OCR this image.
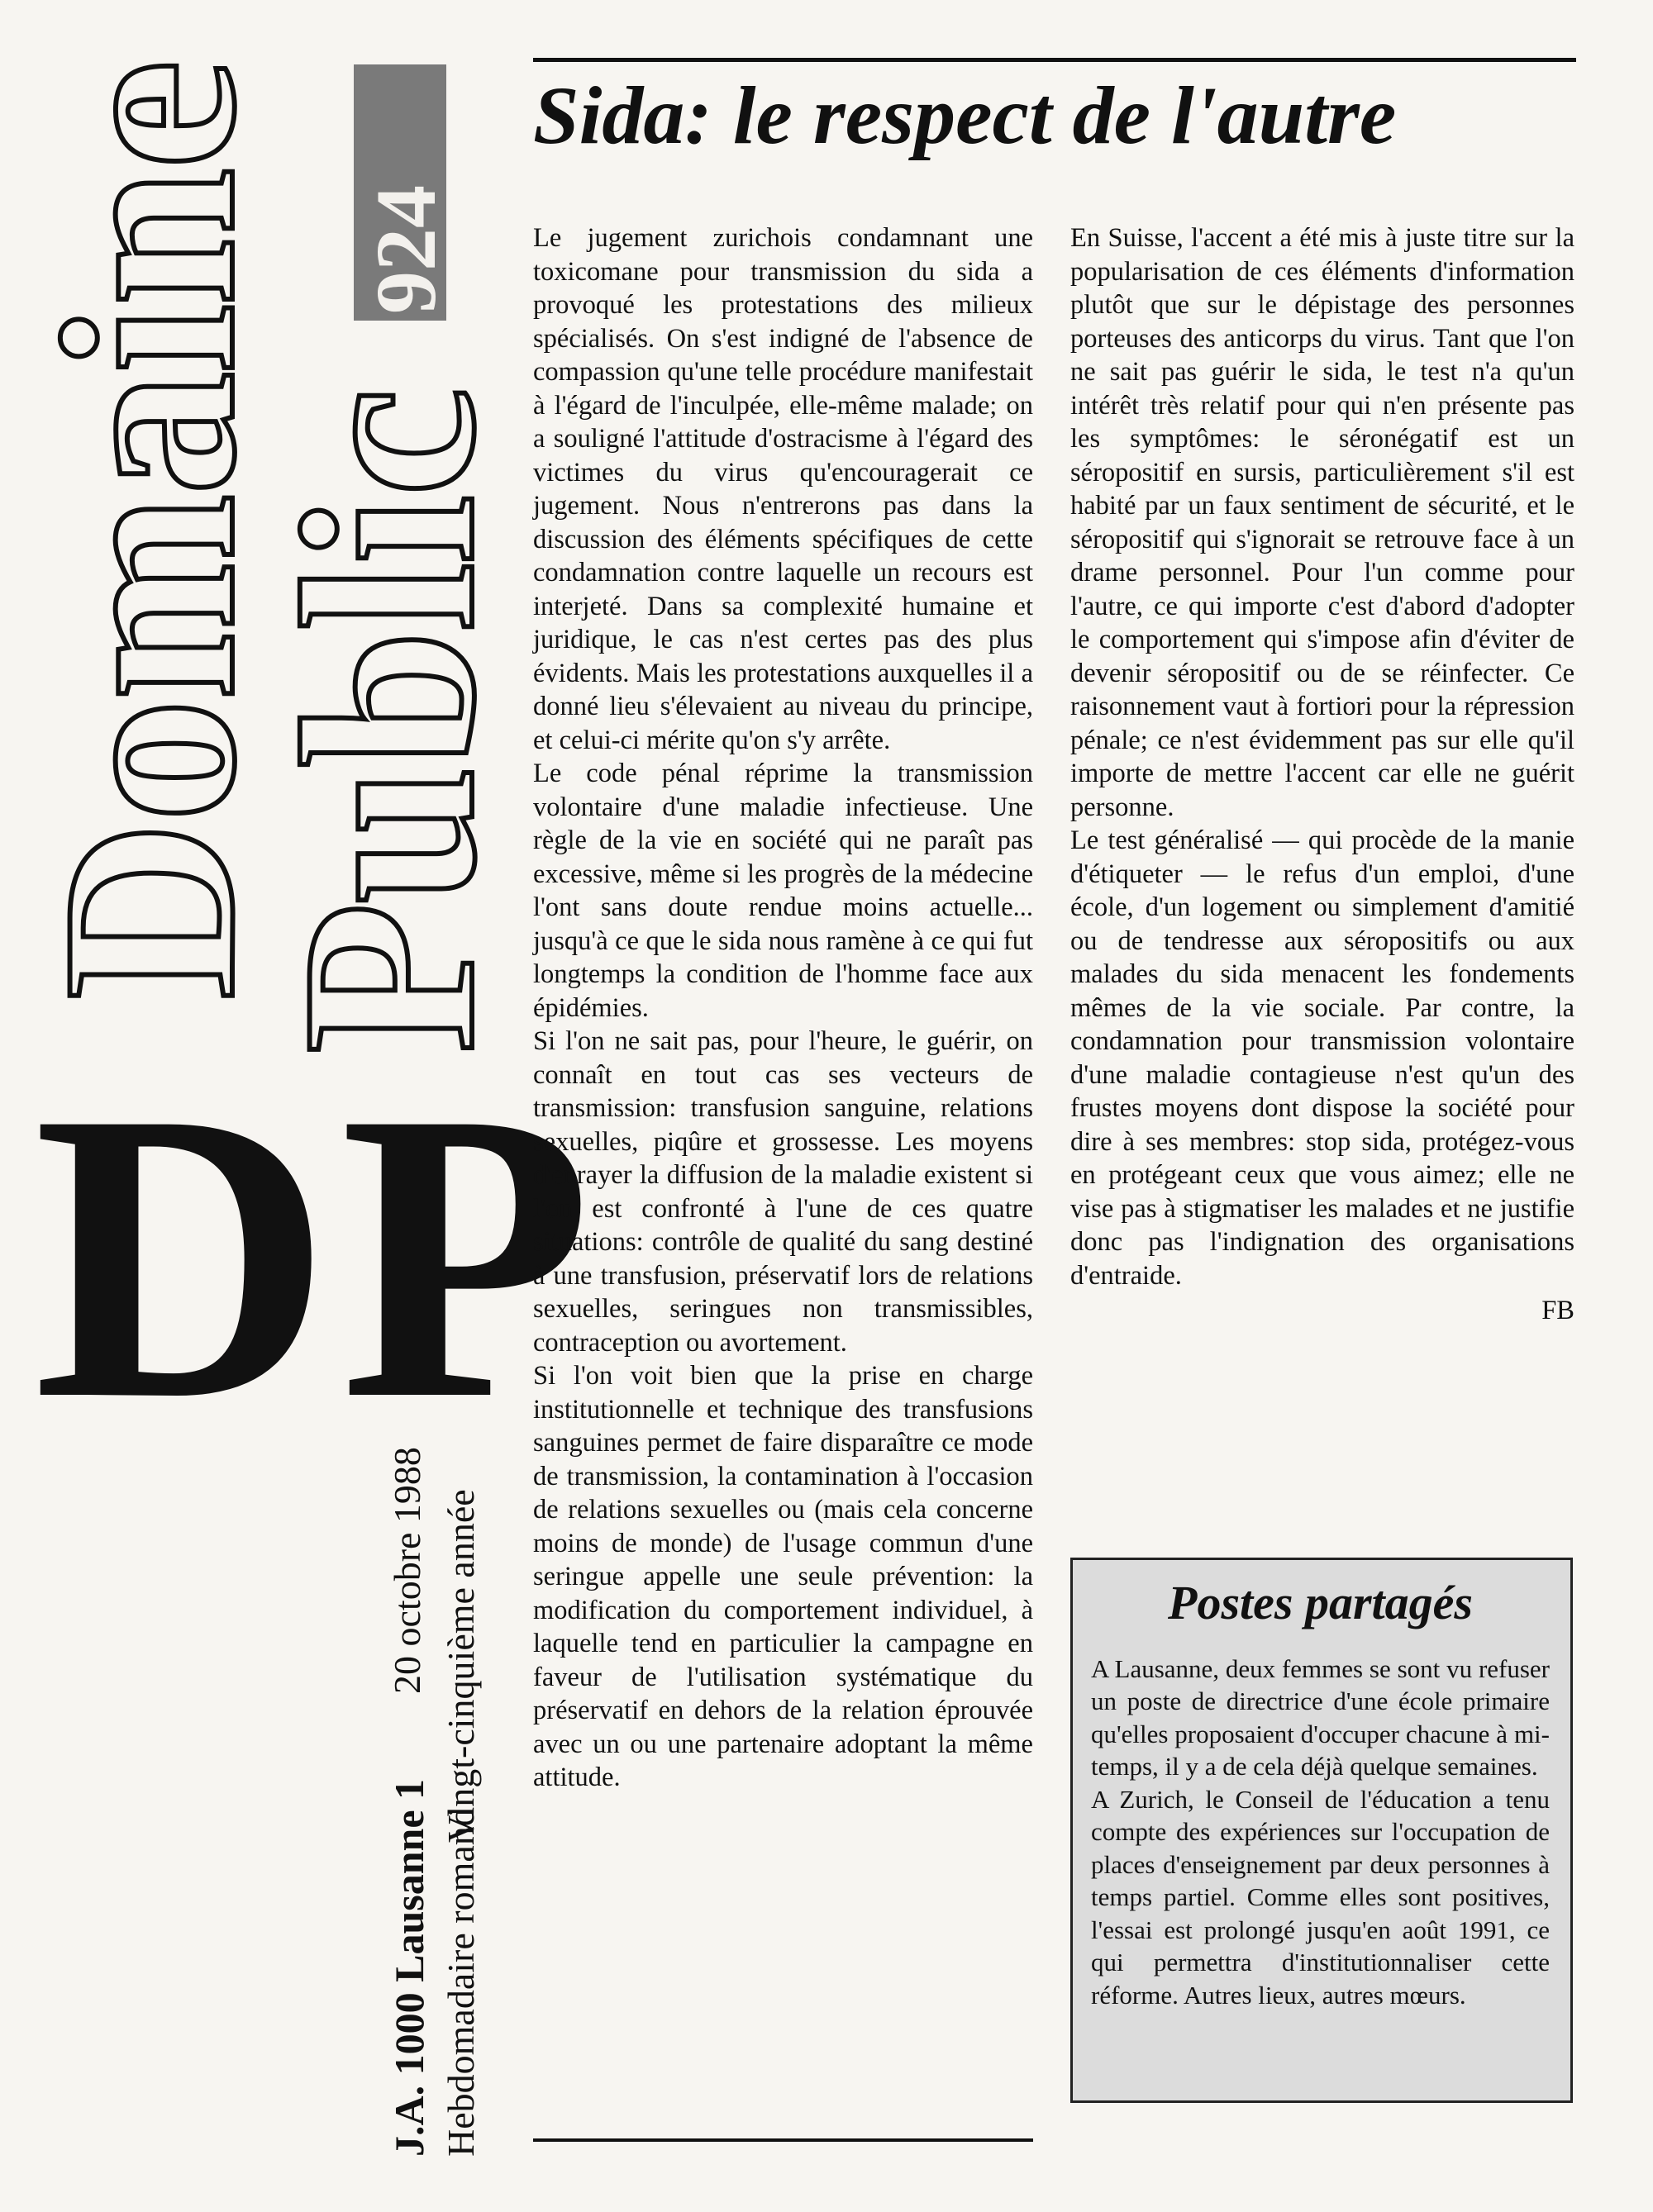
Domaine
Public
924
DP
J.A. 1000 Lausanne 1 Hebdomadaire romand
20 octobre 1988 Vingt-cinquième année
Sida: le respect de l'autre

Le jugement zurichois condamnant une toxicomane pour transmission du sida a provoqué les protestations des milieux spécialisés. On s'est indigné de l'absence de compassion qu'une telle procédure manifestait à l'égard de l'inculpée, elle-même malade; on a souligné l'attitude d'ostracisme à l'égard des victimes du virus qu'encouragerait ce jugement. Nous n'entrerons pas dans la discussion des éléments spécifiques de cette condamnation contre laquelle un recours est interjeté. Dans sa complexité humaine et juridique, le cas n'est certes pas des plus évidents. Mais les protestations auxquelles il a donné lieu s'élevaient au niveau du principe, et celui-ci mérite qu'on s'y arrête.

Le code pénal réprime la transmission volontaire d'une maladie infectieuse. Une règle de la vie en société qui ne paraît pas excessive, même si les progrès de la médecine l'ont sans doute rendue moins actuelle... jusqu'à ce que le sida nous ramène à ce qui fut longtemps la condition de l'homme face aux épidémies.

Si l'on ne sait pas, pour l'heure, le guérir, on connaît en tout cas ses vecteurs de transmission: transfusion sanguine, relations sexuelles, piqûre et grossesse. Les moyens d'enrayer la diffusion de la maladie existent si l'on est confronté à l'une de ces quatre situations: contrôle de qualité du sang destiné à une transfusion, préservatif lors de relations sexuelles, seringues non transmissibles, contraception ou avortement.

Si l'on voit bien que la prise en charge institutionnelle et technique des transfusions sanguines permet de faire disparaître ce mode de transmission, la contamination à l'occasion de relations sexuelles ou (mais cela concerne moins de monde) de l'usage commun d'une seringue appelle une seule prévention: la modification du comportement individuel, à laquelle tend en particulier la campagne en faveur de l'utilisation systématique du préservatif en dehors de la relation éprouvée avec un ou une partenaire adoptant la même attitude.

En Suisse, l'accent a été mis à juste titre sur la popularisation de ces éléments d'information plutôt que sur le dépistage des personnes porteuses des anticorps du virus. Tant que l'on ne sait pas guérir le sida, le test n'a qu'un intérêt très relatif pour qui n'en présente pas les symptômes: le séronégatif est un séropositif en sursis, particulièrement s'il est habité par un faux sentiment de sécurité, et le séropositif qui s'ignorait se retrouve face à un drame personnel. Pour l'un comme pour l'autre, ce qui importe c'est d'abord d'adopter le comportement qui s'impose afin d'éviter de devenir séropositif ou de se réinfecter. Ce raisonnement vaut à fortiori pour la répression pénale; ce n'est évidemment pas sur elle qu'il importe de mettre l'accent car elle ne guérit personne.

Le test généralisé — qui procède de la manie d'étiqueter — le refus d'un emploi, d'une école, d'un logement ou simplement d'amitié ou de tendresse aux séropositifs ou aux malades du sida menacent les fondements mêmes de la vie sociale. Par contre, la condamnation pour transmission volontaire d'une maladie contagieuse n'est qu'un des frustes moyens dont dispose la société pour dire à ses membres: stop sida, protégez-vous en protégeant ceux que vous aimez; elle ne vise pas à stigmatiser les malades et ne justifie donc pas l'indignation des organisations d'entraide.

FB

Postes partagés

A Lausanne, deux femmes se sont vu refuser un poste de directrice d'une école primaire qu'elles proposaient d'occuper chacune à mi-temps, il y a de cela déjà quelque semaines.

A Zurich, le Conseil de l'éducation a tenu compte des expériences sur l'occupation de places d'enseignement par deux personnes à temps partiel. Comme elles sont positives, l'essai est prolongé jusqu'en août 1991, ce qui permettra d'institutionnaliser cette réforme. Autres lieux, autres mœurs.
